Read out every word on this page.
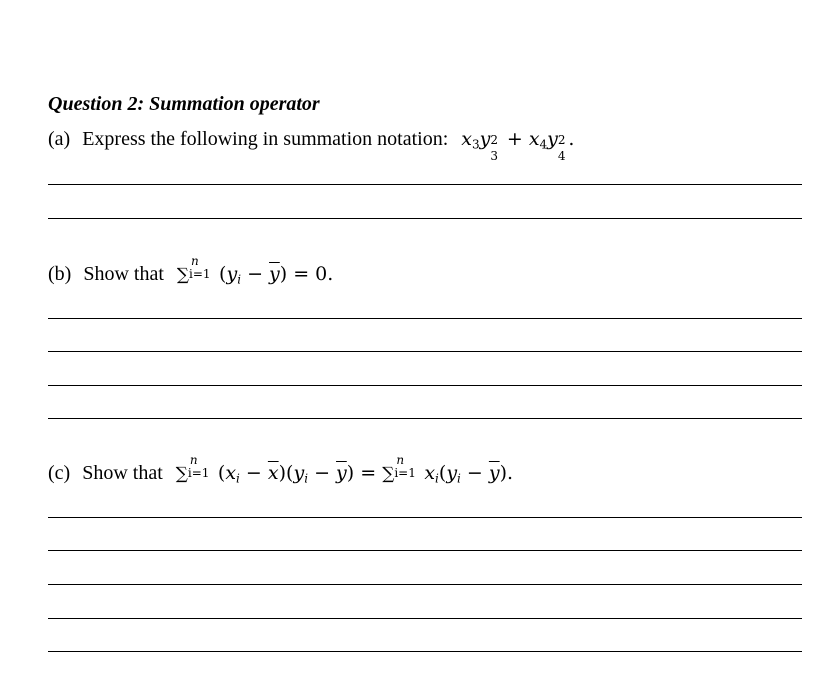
Question 2: Summation operator
(a) Express the following in summation notation: $x_3y$ 2
3
+ $x_4y$ 2
4
.
(b) Show that ∑
n
i=1 $(y_i - \overline{y}) = 0$.
(c) Show that ∑
n
i=1 $(x_i - \overline{x})(y_i - \overline{y})$ = ∑
n
i=1 $x_i(y_i - \overline{y})$.
